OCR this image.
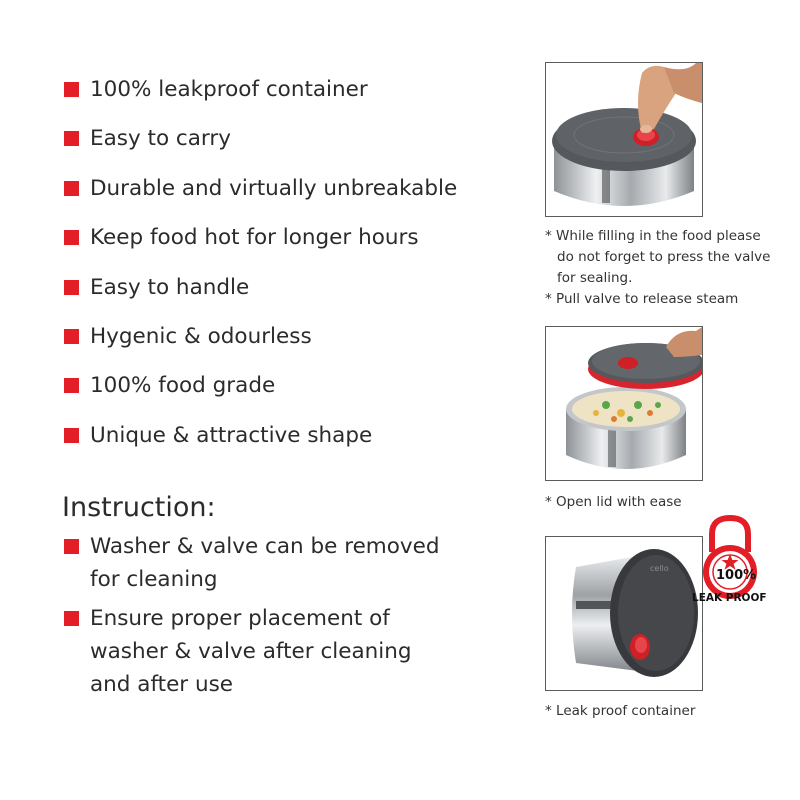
100% leakproof container
Easy to carry
Durable and virtually unbreakable
Keep food hot for longer hours
Easy to handle
Hygenic & odourless
100% food grade
Unique & attractive shape
Instruction:
Washer & valve can be removed for cleaning
Ensure proper placement of washer & valve after cleaning and after use
* While filling in the food please
do not forget to press the valve
for sealing.
* Pull valve to release steam
* Open lid with ease
cello
* Leak proof container
100%
LEAK PROOF
